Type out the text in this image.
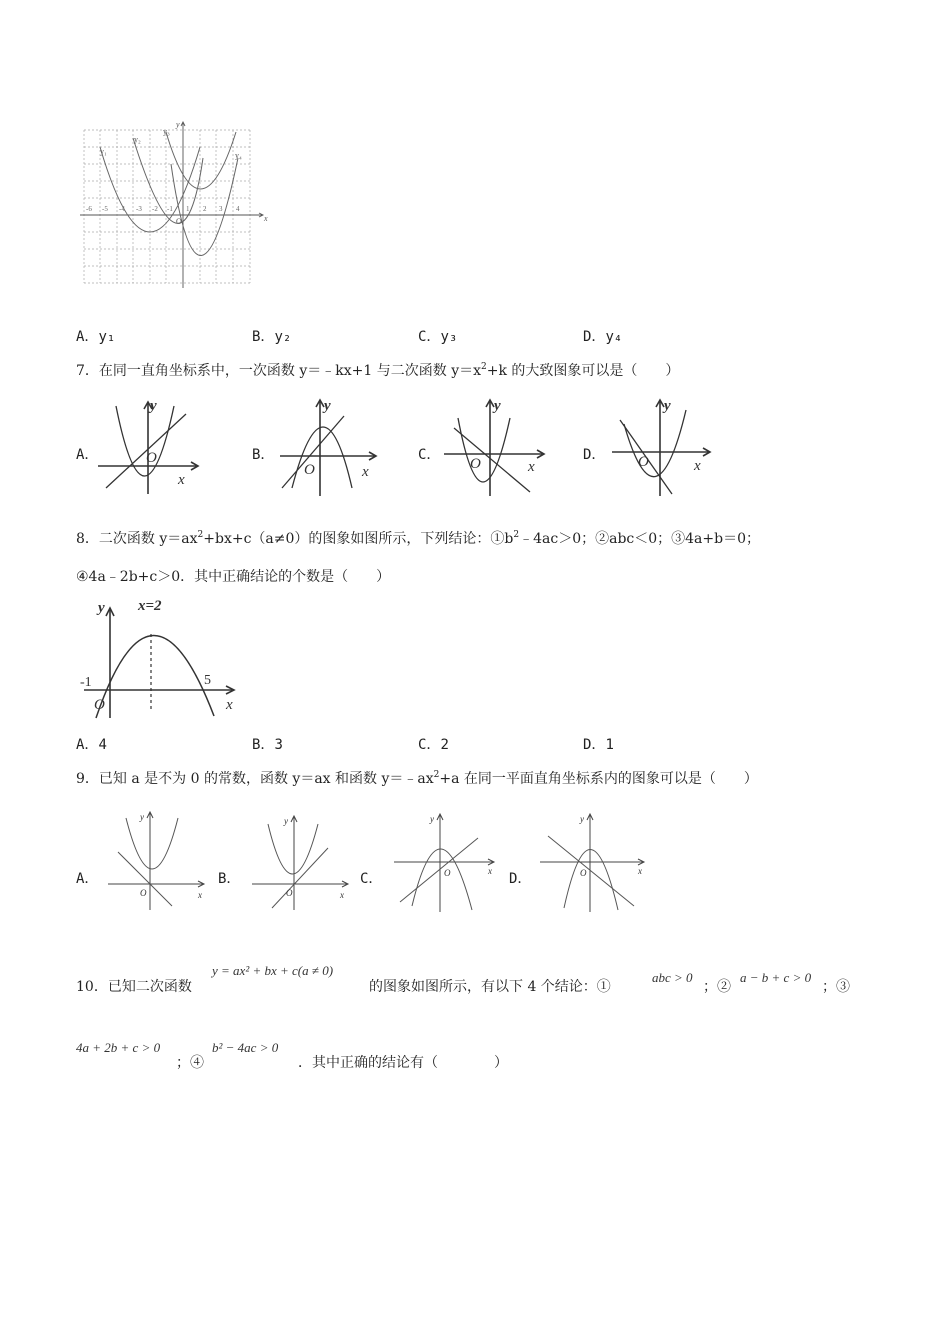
-1 1 2 3 4
-2
-3
-4
-5
-6
y
x
y₁
y₂
y₃
y₄
O
A．y₁	B．y₂	C．y₃	D．y₄
7．在同一直角坐标系中，一次函数 y＝﹣kx+1 与二次函数 $y=x^2+k$ 的大致图象可以是（　　）
A．
y
x
O	B．
y
x
O
C．
y
x
O
D．
y
x
O
8．二次函数 $y=ax^2+bx+c(a\ne 0)$的图象如图所示，下列结论：$①b^2﹣4ac>0$；②abc＜0；③4a+b＝0；
④4a﹣2b+c＞0．其中正确结论的个数是（　　）
x=2
y
-1	5
x
O
A．4	B．3	C．2	D．1
9．已知 a 是不为 0 的常数，函数 y＝ax 和函数 $y=﹣ax^2+a$ 在同一平面直角坐标系内的图象可以是（　　）
A．
y
x
O
B．
y
x
O
C．
y
x
O	D．
y
x
O
10．已知二次函数
y = ax² + bx + c(a ≠ 0)
的图象如图所示，有以下 4 个结论：①
abc > 0
；②
a − b + c > 0
；③
4a + 2b + c > 0
；④
b² − 4ac > 0
．其中正确的结论有（　　　　）
